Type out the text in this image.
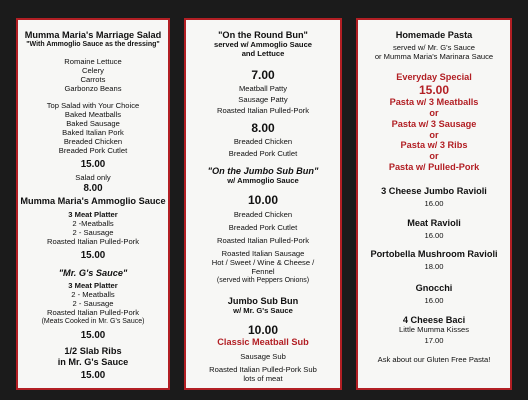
Mumma Maria's Marriage Salad
"With Ammoglio Sauce as the dressing"
Romaine Lettuce
Celery
Carrots
Garbonzo Beans
Top Salad with Your Choice
Baked Meatballs
Baked Sausage
Baked Italian Pork
Breaded Chicken
Breaded Pork Cutlet
15.00
Salad only
8.00
Mumma Maria's Ammoglio Sauce
3 Meat Platter
2 -Meatballs
2 - Sausage
Roasted Italian Pulled-Pork
15.00
"Mr. G's Sauce"
3 Meat Platter
2 - Meatballs
2 - Sausage
Roasted Italian Pulled-Pork
(Meats Cooked in Mr. G's Sauce)
15.00
1/2 Slab Ribs
in Mr. G's Sauce
15.00
"On the Round Bun"
served w/ Ammoglio Sauce
and Lettuce
7.00
Meatball Patty
Sausage Patty
Roasted Italian Pulled-Pork
8.00
Breaded Chicken
Breaded Pork Cutlet
"On the Jumbo Sub Bun"
w/ Ammoglio Sauce
10.00
Breaded Chicken
Breaded Pork Cutlet
Roasted Italian Pulled-Pork
Roasted Italian Sausage
Hot / Sweet / Wine & Cheese /
Fennel
(served with Peppers Onions)
Jumbo Sub Bun
w/ Mr. G's Sauce
10.00
Classic Meatball Sub
Sausage Sub
Roasted Italian Pulled-Pork Sub
lots of meat
Homemade Pasta
served w/ Mr. G's Sauce
or Mumma Maria's Marinara Sauce
Everyday Special
15.00
Pasta w/ 3 Meatballs
or
Pasta w/ 3 Sausage
or
Pasta w/ 3 Ribs
or
Pasta w/ Pulled-Pork
3 Cheese Jumbo Ravioli
16.00
Meat Ravioli
16.00
Portobella Mushroom Ravioli
18.00
Gnocchi
16.00
4 Cheese Baci
Little Mumma Kisses
17.00
Ask about our Gluten Free Pasta!
